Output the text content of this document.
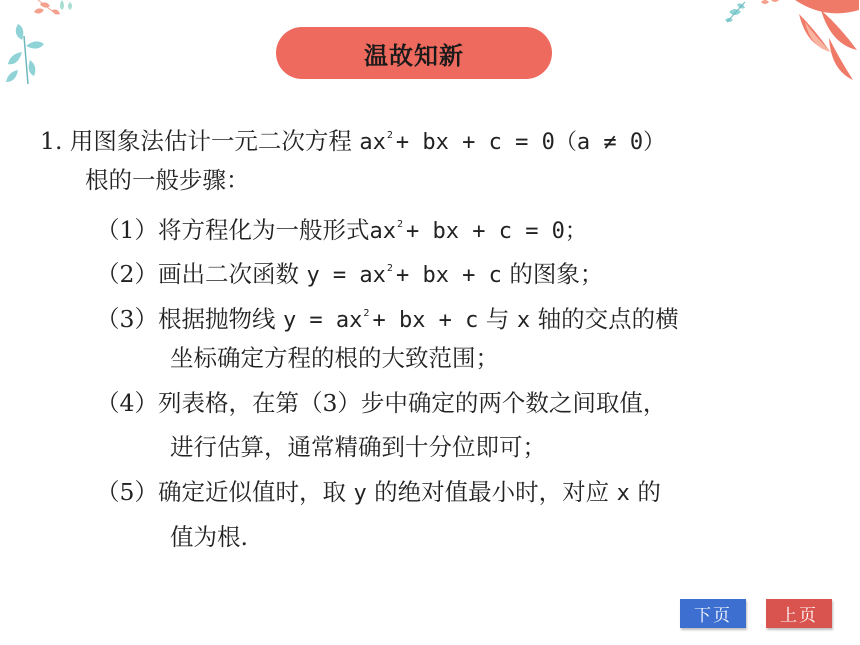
温故知新
1. 用图象法估计一元二次方程 $ax^2$ + bx + c = 0（a ≠ 0）
根的一般步骤：
（1）将方程化为一般形式$ax^2$ + bx + c = 0；
（2）画出二次函数 $y = ax^2$ + bx + c 的图象；
（3）根据抛物线 $y = ax^2$ + bx + c 与 x 轴的交点的横
坐标确定方程的根的大致范围；
（4）列表格，在第（3）步中确定的两个数之间取值，
进行估算，通常精确到十分位即可；
（5）确定近似值时，取 y 的绝对值最小时，对应 x 的
值为根.
下页	上页
